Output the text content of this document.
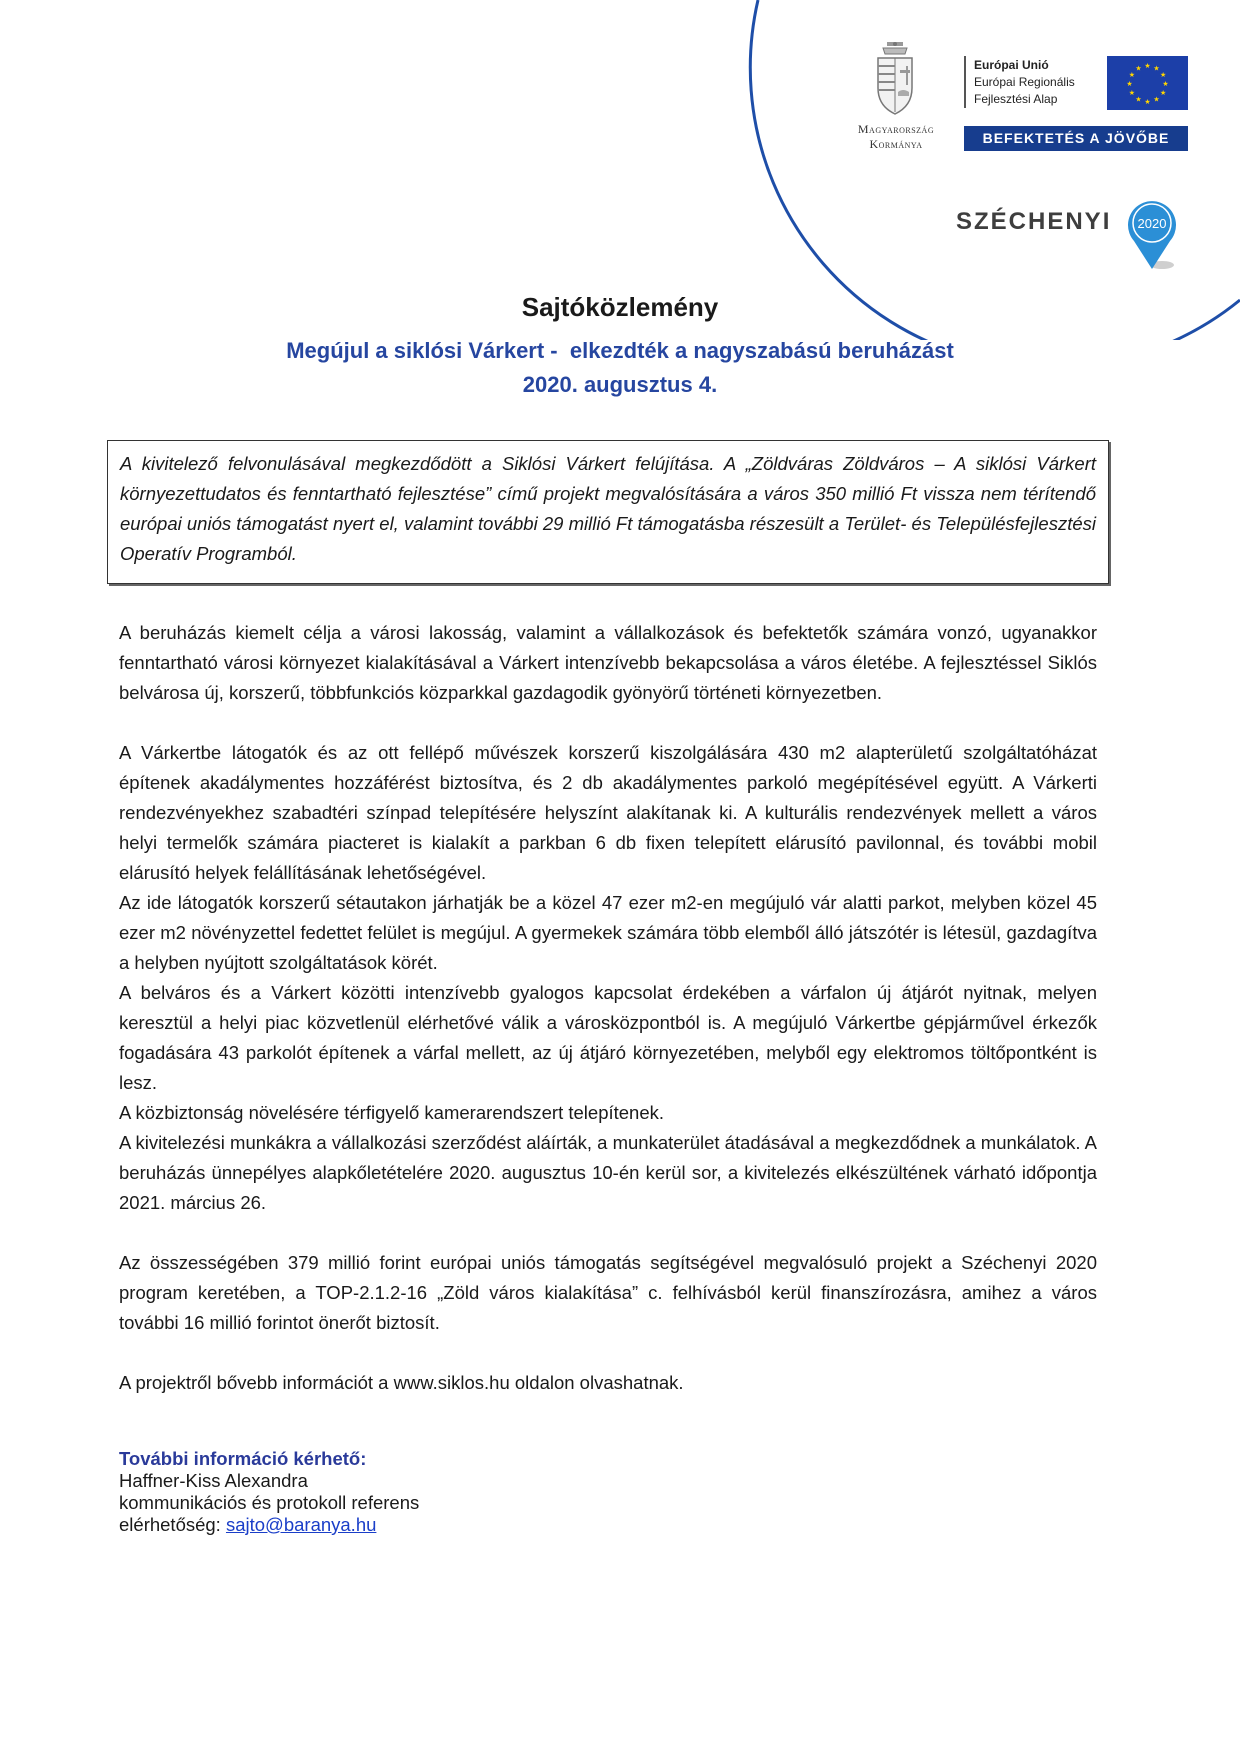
Magyarország
Kormánya
Európai Unió
Európai Regionális
Fejlesztési Alap
★ ★
★
★
★
★
★
★
★
★
★
★
BEFEKTETÉS A JÖVŐBE
SZÉCHENYI 2020
Sajtóközlemény
Megújul a siklósi Várkert -  elkezdték a nagyszabású beruházást
2020. augusztus 4.
A kivitelező felvonulásával megkezdődött a Siklósi Várkert felújítása. A „Zöldváras Zöldváros – A siklósi Várkert környezettudatos és fenntartható fejlesztése” című projekt megvalósítására a város 350 millió Ft vissza nem térítendő európai uniós támogatást nyert el, valamint további 29 millió Ft támogatásba részesült a Terület- és Településfejlesztési Operatív Programból.

A beruházás kiemelt célja a városi lakosság, valamint a vállalkozások és befektetők számára vonzó, ugyanakkor fenntartható városi környezet kialakításával a Várkert intenzívebb bekapcsolása a város életébe. A fejlesztéssel Siklós belvárosa új, korszerű, többfunkciós közparkkal gazdagodik gyönyörű történeti környezetben.

A Várkertbe látogatók és az ott fellépő művészek korszerű kiszolgálására 430 m2 alapterületű szolgáltatóházat építenek akadálymentes hozzáférést biztosítva, és 2 db akadálymentes parkoló megépítésével együtt. A Várkerti rendezvényekhez szabadtéri színpad telepítésére helyszínt alakítanak ki. A kulturális rendezvények mellett a város helyi termelők számára piacteret is kialakít a parkban 6 db fixen telepített elárusító pavilonnal, és további mobil elárusító helyek felállításának lehetőségével.

Az ide látogatók korszerű sétautakon járhatják be a közel 47 ezer m2-en megújuló vár alatti parkot, melyben közel 45 ezer m2 növényzettel fedettet felület is megújul. A gyermekek számára több elemből álló játszótér is létesül, gazdagítva a helyben nyújtott szolgáltatások körét.

A belváros és a Várkert közötti intenzívebb gyalogos kapcsolat érdekében a várfalon új átjárót nyitnak, melyen keresztül a helyi piac közvetlenül elérhetővé válik a városközpontból is. A megújuló Várkertbe gépjárművel érkezők fogadására 43 parkolót építenek a várfal mellett, az új átjáró környezetében, melyből egy elektromos töltőpontként is lesz.

A közbiztonság növelésére térfigyelő kamerarendszert telepítenek.

A kivitelezési munkákra a vállalkozási szerződést aláírták, a munkaterület átadásával a megkezdődnek a munkálatok. A beruházás ünnepélyes alapkőletételére 2020. augusztus 10-én kerül sor, a kivitelezés elkészültének várható időpontja 2021. március 26.

Az összességében 379 millió forint európai uniós támogatás segítségével megvalósuló projekt a Széchenyi 2020 program keretében, a TOP-2.1.2-16 „Zöld város kialakítása” c. felhívásból kerül finanszírozásra, amihez a város további 16 millió forintot önerőt biztosít.

A projektről bővebb információt a www.siklos.hu oldalon olvashatnak.

További információ kérhető:
Haffner-Kiss Alexandra
kommunikációs és protokoll referens
elérhetőség: sajto@baranya.hu
